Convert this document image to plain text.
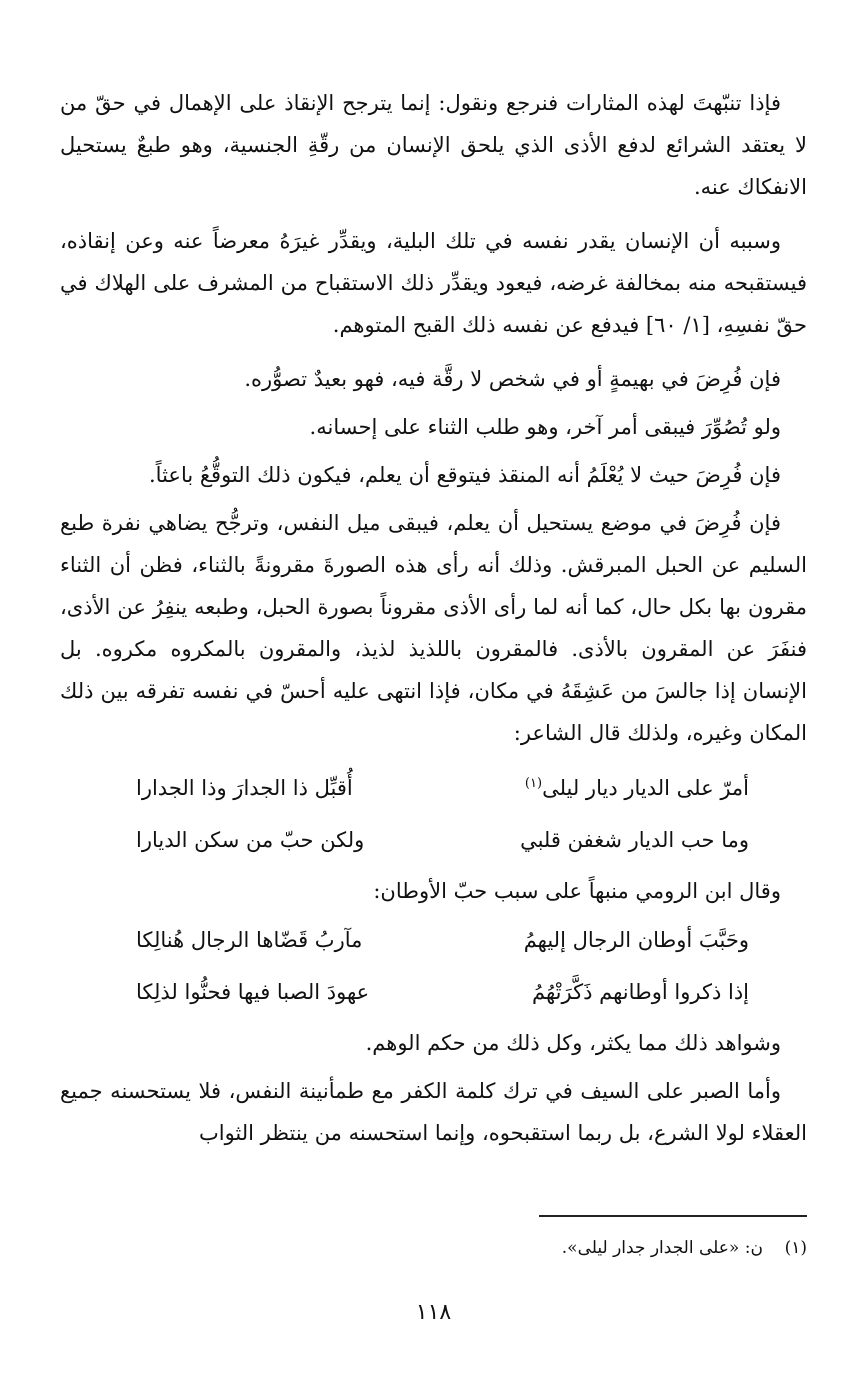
فإذا تنبّهتَ لهذه المثارات فنرجع ونقول: إنما يترجح الإنقاذ على الإهمال في حقّ من لا يعتقد الشرائع لدفع الأذى الذي يلحق الإنسان من رقّةِ الجنسية، وهو طبعٌ يستحيل الانفكاك عنه.

وسببه أن الإنسان يقدر نفسه في تلك البلية، ويقدِّر غيرَهُ معرضاً عنه وعن إنقاذه، فيستقبحه منه بمخالفة غرضه، فيعود ويقدِّر ذلك الاستقباح من المشرف على الهلاك في حقّ نفسِهِ، [١/ ٦٠] فيدفع عن نفسه ذلك القبح المتوهم.

فإن فُرِضَ في بهيمةٍ أو في شخص لا رقَّة فيه، فهو بعيدٌ تصوُّره.

ولو تُصُوِّرَ فيبقى أمر آخر، وهو طلب الثناء على إحسانه.

فإن فُرِضَ حيث لا يُعْلَمُ أنه المنقذ فيتوقع أن يعلم، فيكون ذلك التوقُّعُ باعثاً.

فإن فُرِضَ في موضع يستحيل أن يعلم، فيبقى ميل النفس، وترجُّح يضاهي نفرة طبع السليم عن الحبل المبرقش. وذلك أنه رأى هذه الصورةَ مقرونةً بالثناء، فظن أن الثناء مقرون بها بكل حال، كما أنه لما رأى الأذى مقروناً بصورة الحبل، وطبعه ينفِرُ عن الأذى، فنفَرَ عن المقرون بالأذى. فالمقرون باللذيذ لذيذ، والمقرون بالمكروه مكروه. بل الإنسان إذا جالسَ من عَشِقَهُ في مكان، فإذا انتهى عليه أحسّ في نفسه تفرقه بين ذلك المكان وغيره، ولذلك قال الشاعر:

أمرّ على الديار ديار ليلى$^{(١)}$
أُقبِّل ذا الجدارَ وذا الجدارا
وما حب الديار شغفن قلبي
ولكن حبّ من سكن الديارا

وقال ابن الرومي منبهاً على سبب حبّ الأوطان:

وحَبَّبَ أوطان الرجال إليهمُ
مآربُ قَضّاها الرجال هُنالِكا
إذا ذكروا أوطانهم ذَكَّرَتْهُمُ
عهودَ الصبا فيها فحنُّوا لذلِكا

وشواهد ذلك مما يكثر، وكل ذلك من حكم الوهم.

وأما الصبر على السيف في ترك كلمة الكفر مع طمأنينة النفس، فلا يستحسنه جميع العقلاء لولا الشرع، بل ربما استقبحوه، وإنما استحسنه من ينتظر الثواب

(١)    ن: «على الجدار جدار ليلى».
١١٨
